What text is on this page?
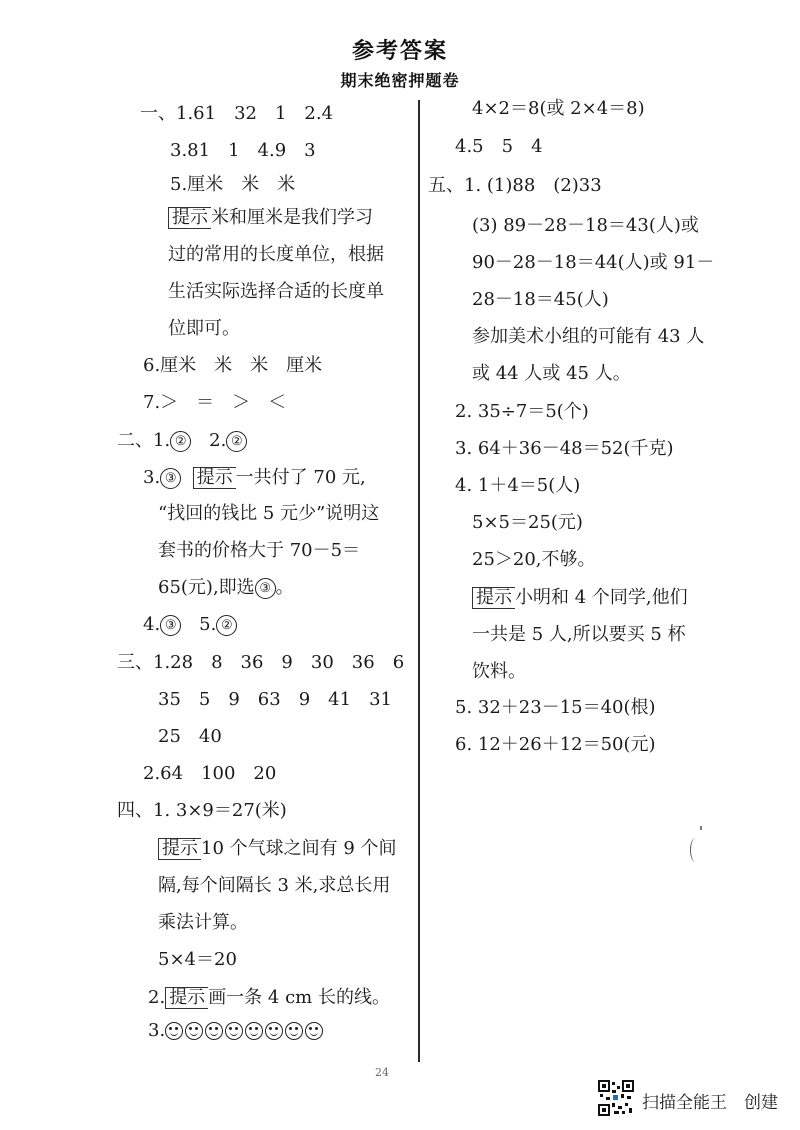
参考答案
期末绝密押题卷
一、1.61　32　1　2.4
3.81　1　4.9　3
5.厘米　米　米
提示 米和厘米是我们学习
过的常用的长度单位，根据
生活实际选择合适的长度单
位即可。
6.厘米　米　米　厘米
7.＞　＝　＞　＜
二、1. ②　2. ②
3. ③ 提示 一共付了 70 元,
“找回的钱比 5 元少”说明这
套书的价格大于 70－5＝
65(元),即选 ③ 。
4. ③　5. ②
三、1.28　8　36　9　30　36　6
35　5　9　63　9　41　31
25　40
2.64　100　20
四、1. 3×9＝27(米)
提示 10 个气球之间有 9 个间
隔,每个间隔长 3 米,求总长用
乘法计算。
5×4＝20
2. 提示 画一条 4 cm 长的线。
3.
4×2＝8(或 2×4＝8)
4.5　5　4
五、1. (1)88　(2)33
(3) 89－28－18＝43(人)或
90－28－18＝44(人)或 91－
28－18＝45(人)
参加美术小组的可能有 43 人
或 44 人或 45 人。
2. 35÷7＝5(个)
3. 64＋36－48＝52(千克)
4. 1＋4＝5(人)
5×5＝25(元)
25＞20,不够。
提示 小明和 4 个同学,他们
一共是 5 人,所以要买 5 杯
饮料。
5. 32＋23－15＝40(根)
6. 12＋26＋12＝50(元)
24
扫描全能王　创建
